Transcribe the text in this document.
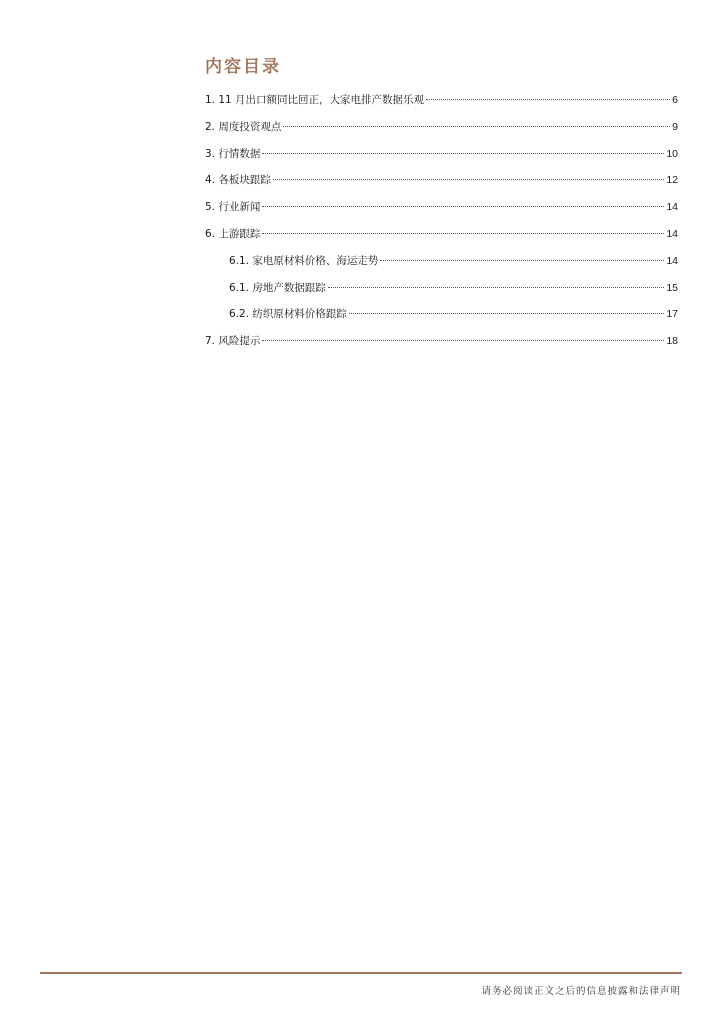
内容目录
1. 11 月出口额同比回正，大家电排产数据乐观	6
2. 周度投资观点	9
3. 行情数据	10
4. 各板块跟踪	12
5. 行业新闻	14
6. 上游跟踪	14
6.1. 家电原材料价格、海运走势	14
6.1. 房地产数据跟踪	15
6.2. 纺织原材料价格跟踪	17
7. 风险提示	18
请务必阅读正文之后的信息披露和法律声明
